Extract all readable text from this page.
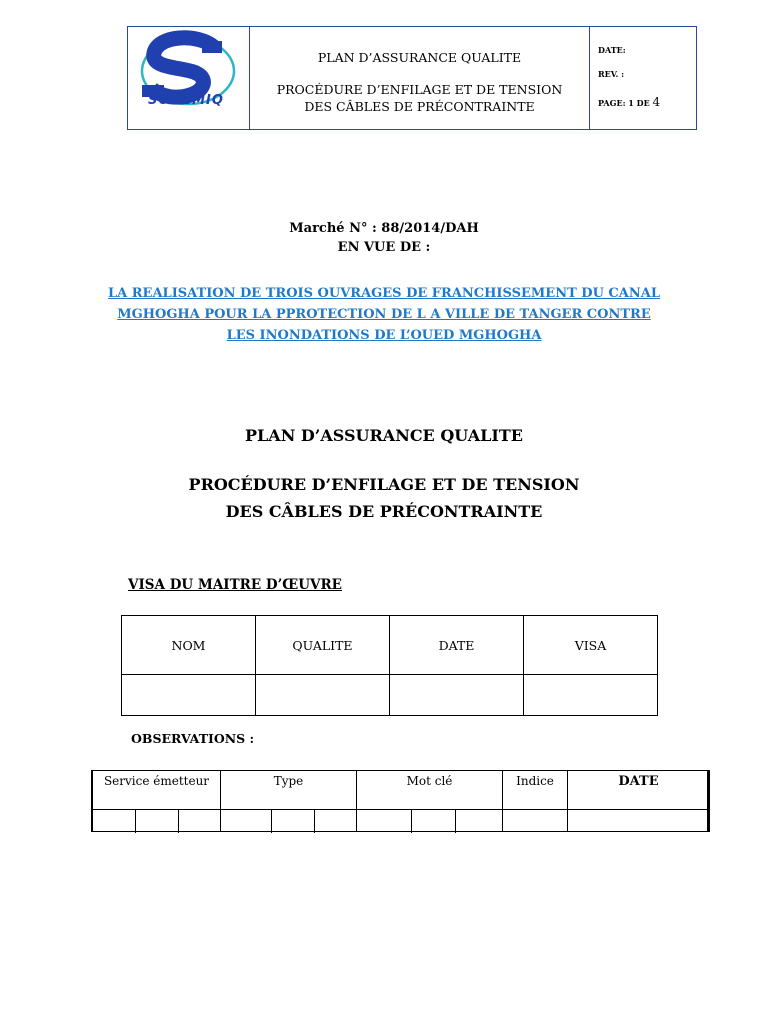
SODEMIQ
PLAN D’ASSURANCE QUALITE
PROCÉDURE D’ENFILAGE ET DE TENSION
DES CÂBLES DE PRÉCONTRAINTE
DATE:
REV. :
PAGE: 1 DE 4
Marché N° : 88/2014/DAH
EN VUE DE :
LA REALISATION DE TROIS OUVRAGES DE FRANCHISSEMENT DU CANAL
MGHOGHA POUR LA PPROTECTION DE L A VILLE DE TANGER CONTRE
LES INONDATIONS DE L’OUED MGHOGHA
PLAN D’ASSURANCE QUALITE
PROCÉDURE D’ENFILAGE ET DE TENSION
DES CÂBLES DE PRÉCONTRAINTE
VISA DU MAITRE D’ŒUVRE
NOM	QUALITE	DATE	VISA

OBSERVATIONS :
Service émetteur	Type	Mot clé	Indice	DATE
